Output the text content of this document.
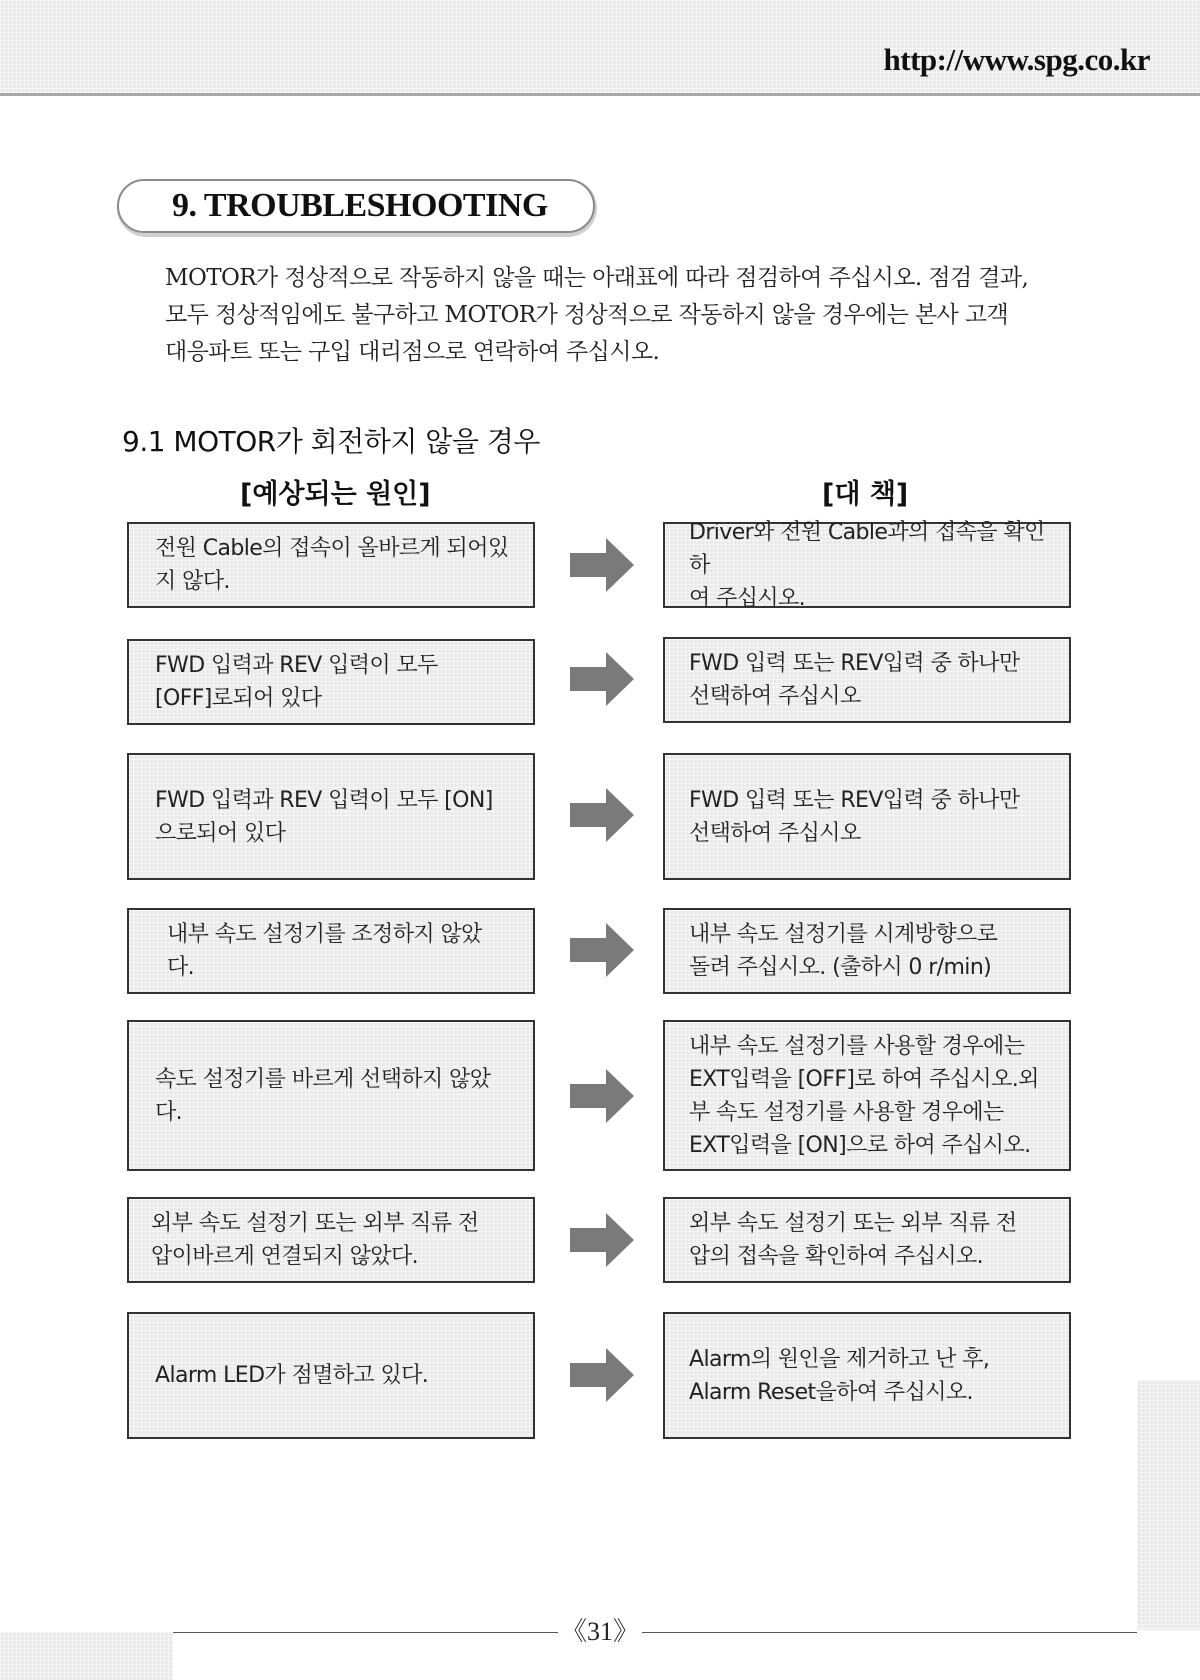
http://www.spg.co.kr
9. TROUBLESHOOTING

MOTOR가 정상적으로 작동하지 않을 때는 아래표에 따라 점검하여 주십시오. 점검 결과,
모두 정상적임에도 불구하고 MOTOR가 정상적으로 작동하지 않을 경우에는 본사 고객
대응파트 또는 구입 대리점으로 연락하여 주십시오.

9.1 MOTOR가 회전하지 않을 경우
[예상되는 원인]	[대 책]
전원 Cable의 접속이 올바르게 되어있
지 않다.
Driver와 전원 Cable과의 접속을 확인하
여 주십시오.
FWD 입력과 REV 입력이 모두
[OFF]로되어 있다
FWD 입력 또는 REV입력 중 하나만
선택하여 주십시오
FWD 입력과 REV 입력이 모두 [ON]
으로되어 있다
FWD 입력 또는 REV입력 중 하나만
선택하여 주십시오
내부 속도 설정기를 조정하지 않았
다.
내부 속도 설정기를 시계방향으로
돌려 주십시오. (출하시 0 r/min)
속도 설정기를 바르게 선택하지 않았
다.
내부 속도 설정기를 사용할 경우에는
EXT입력을 [OFF]로 하여 주십시오.외
부 속도 설정기를 사용할 경우에는
EXT입력을 [ON]으로 하여 주십시오.
외부 속도 설정기 또는 외부 직류 전
압이바르게 연결되지 않았다.
외부 속도 설정기 또는 외부 직류 전
압의 접속을 확인하여 주십시오.
Alarm LED가 점멸하고 있다.
Alarm의 원인을 제거하고 난 후,
Alarm Reset을하여 주십시오.
《31》
